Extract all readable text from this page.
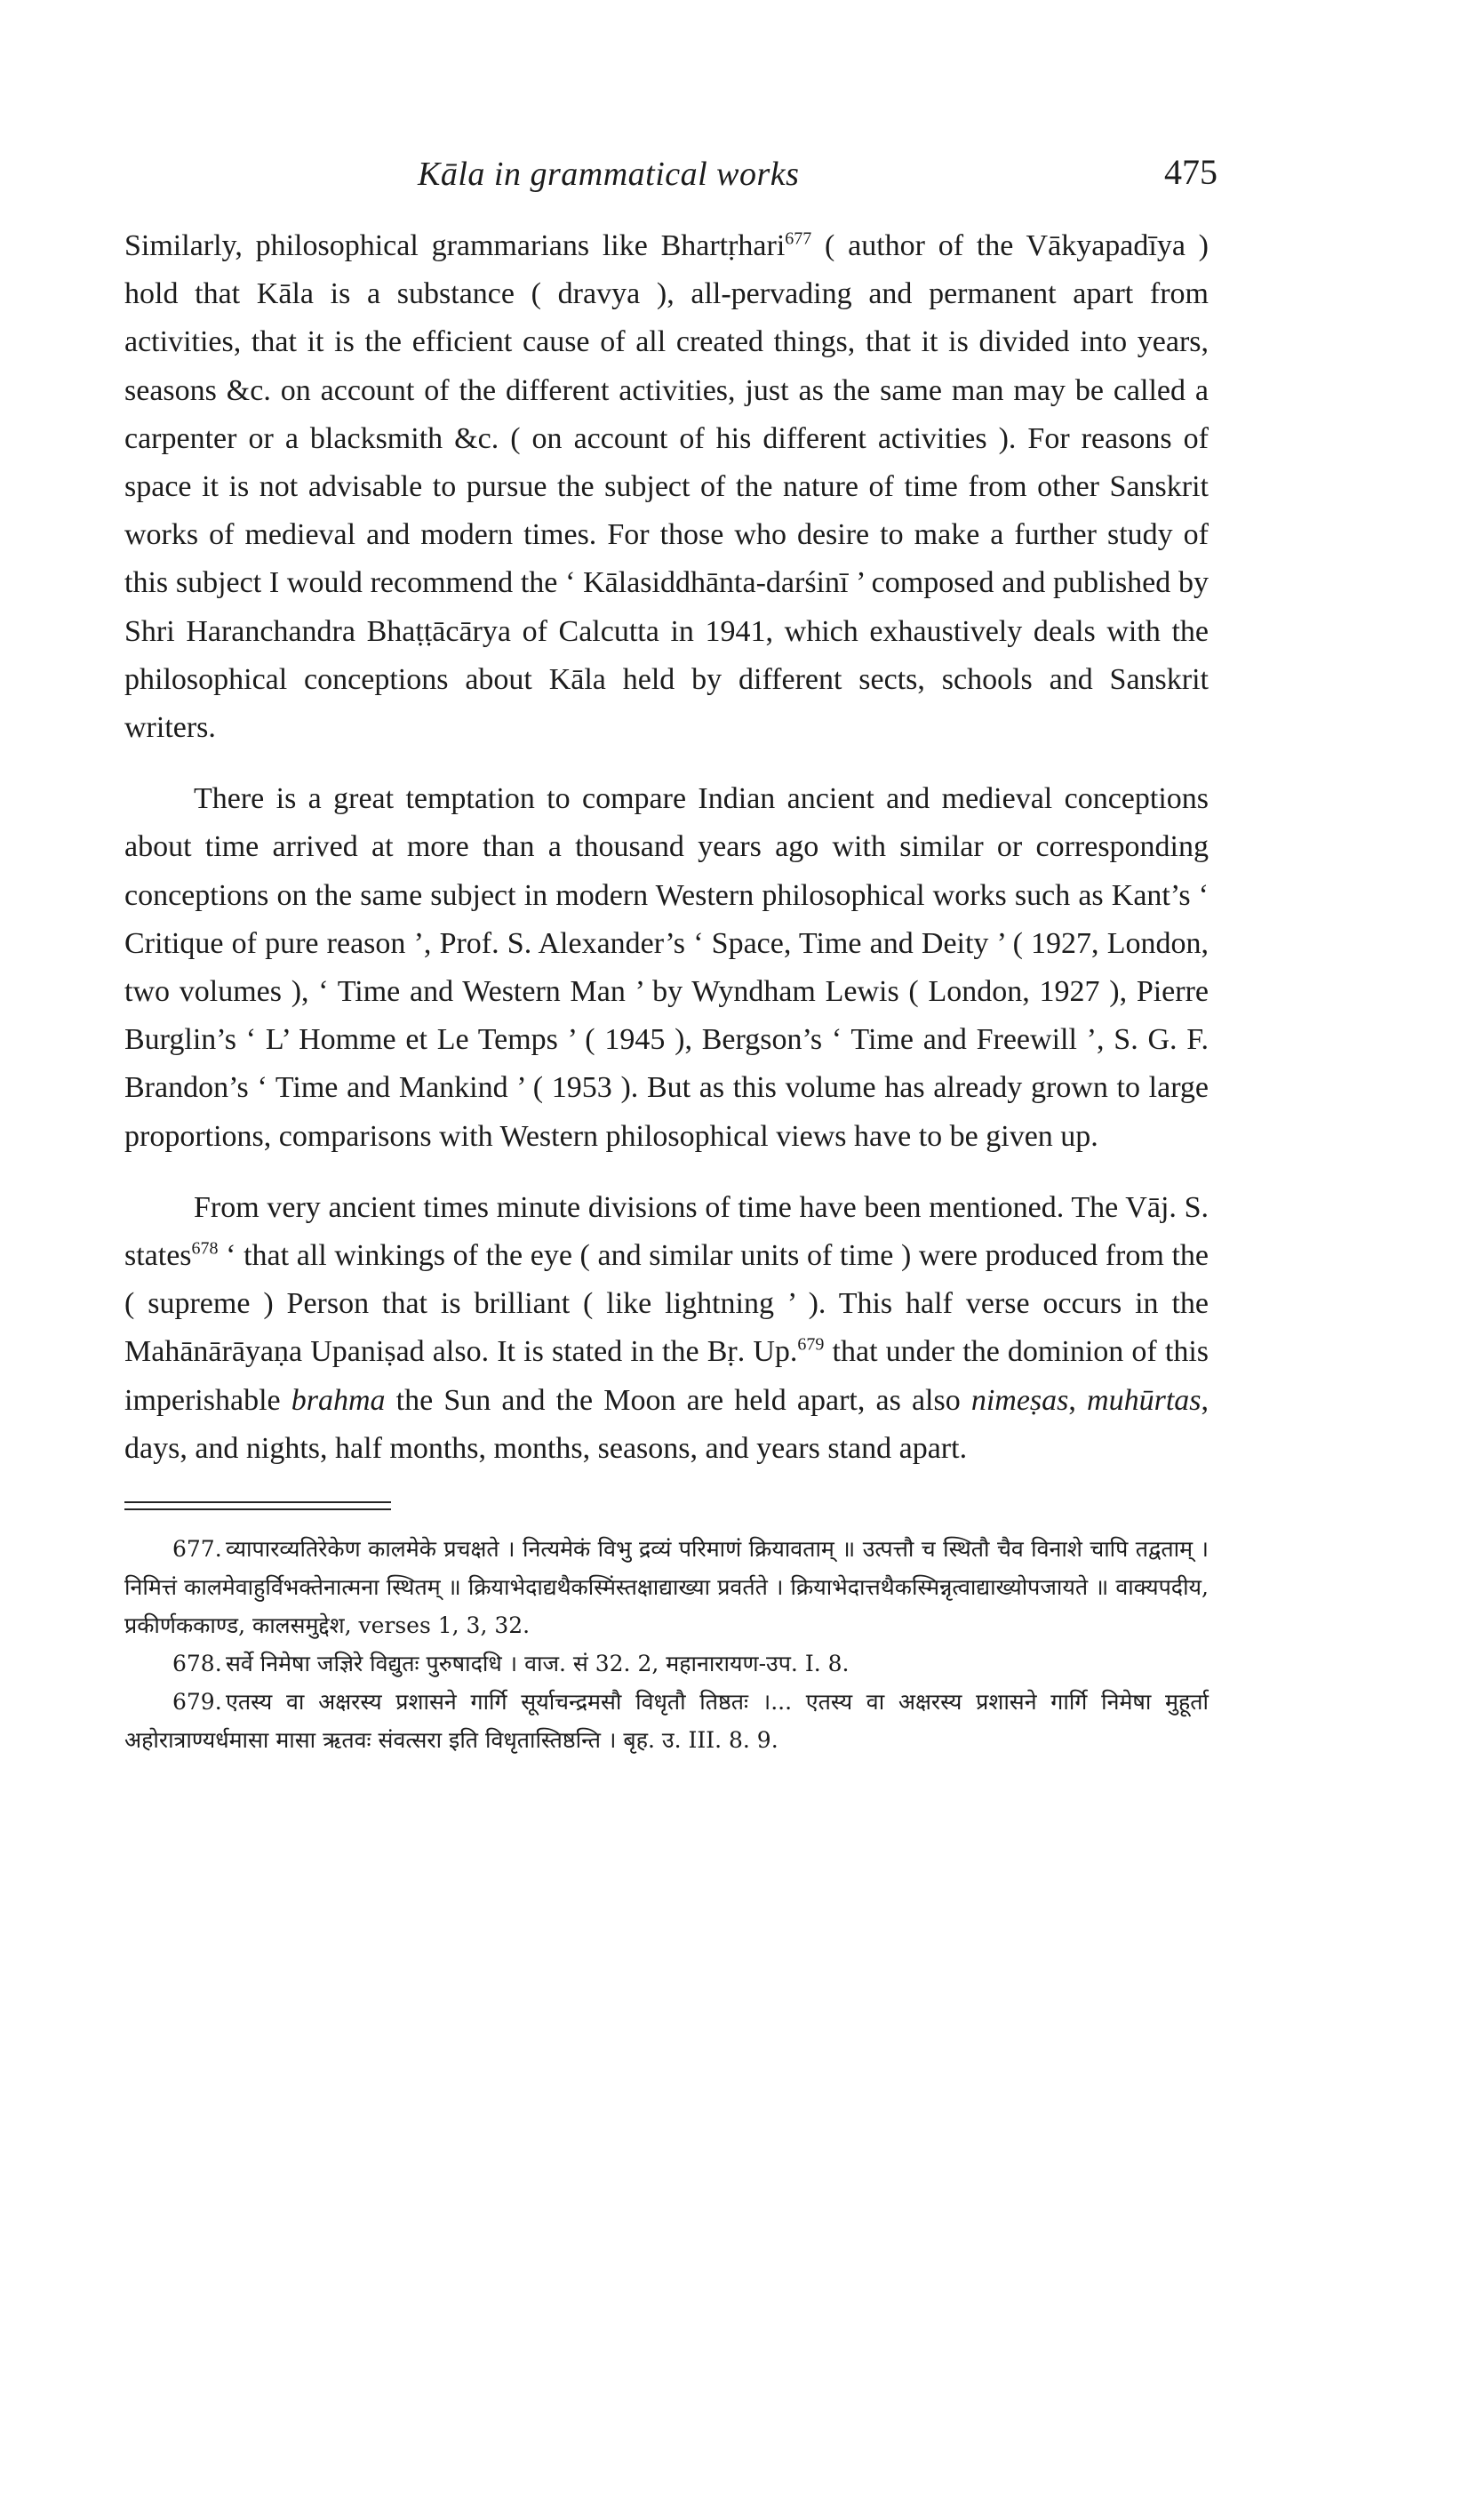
Kāla in grammatical works	475

Similarly, philosophical grammarians like Bhartṛhari$^{677}$ ( author of the Vākyapadīya ) hold that Kāla is a substance ( dravya ), all-pervading and permanent apart from activities, that it is the efficient cause of all created things, that it is divided into years, seasons &c. on account of the different activities, just as the same man may be called a carpenter or a blacksmith &c. ( on account of his different activities ). For reasons of space it is not advisable to pursue the subject of the nature of time from other Sanskrit works of medieval and modern times. For those who desire to make a further study of this subject I would recommend the ‘ Kālasiddhānta-darśinī ’ composed and published by Shri Haranchandra Bhaṭṭācārya of Calcutta in 1941, which exhaustively deals with the philosophical conceptions about Kāla held by different sects, schools and Sanskrit writers.

There is a great temptation to compare Indian ancient and medieval conceptions about time arrived at more than a thousand years ago with similar or corresponding conceptions on the same subject in modern Western philosophical works such as Kant’s ‘ Critique of pure reason ’, Prof. S. Alexander’s ‘ Space, Time and Deity ’ ( 1927, London, two volumes ), ‘ Time and Western Man ’ by Wyndham Lewis ( London, 1927 ), Pierre Burglin’s ‘ L’ Homme et Le Temps ’ ( 1945 ), Bergson’s ‘ Time and Freewill ’, S. G. F. Brandon’s ‘ Time and Mankind ’ ( 1953 ). But as this volume has already grown to large proportions, comparisons with Western philosophical views have to be given up.

From very ancient times minute divisions of time have been mentioned. The Vāj. S. states$^{678}$ ‘ that all winkings of the eye ( and similar units of time ) were produced from the ( supreme ) Person that is brilliant ( like lightning ’ ). This half verse occurs in the Mahānārāyaṇa Upaniṣad also. It is stated in the Bṛ. Up.$^{679}$ that under the dominion of this imperishable brahma the Sun and the Moon are held apart, as also nimeṣas, muhūrtas, days, and nights, half months, months, seasons, and years stand apart.

677. व्यापारव्यतिरेकेण कालमेके प्रचक्षते । नित्यमेकं विभु द्रव्यं परिमाणं क्रियावताम् ॥ उत्पत्तौ च स्थितौ चैव विनाशे चापि तद्वताम् । निमित्तं कालमेवाहुर्विभक्तेनात्मना स्थितम् ॥ क्रियाभेदाद्यथैकस्मिंस्तक्षाद्याख्या प्रवर्तते । क्रियाभेदात्तथैकस्मिन्नृत्वाद्याख्योपजायते ॥ वाक्यपदीय, प्रकीर्णककाण्ड, कालसमुद्देश, verses 1, 3, 32.

678. सर्वे निमेषा जज्ञिरे विद्युतः पुरुषादधि । वाज. सं 32. 2, महानारायण-उप. I. 8.

679. एतस्य वा अक्षरस्य प्रशासने गार्गि सूर्याचन्द्रमसौ विधृतौ तिष्ठतः ।... एतस्य वा अक्षरस्य प्रशासने गार्गि निमेषा मुहूर्ता अहोरात्राण्यर्धमासा मासा ऋतवः संवत्सरा इति विधृतास्तिष्ठन्ति । बृह. उ. III. 8. 9.
